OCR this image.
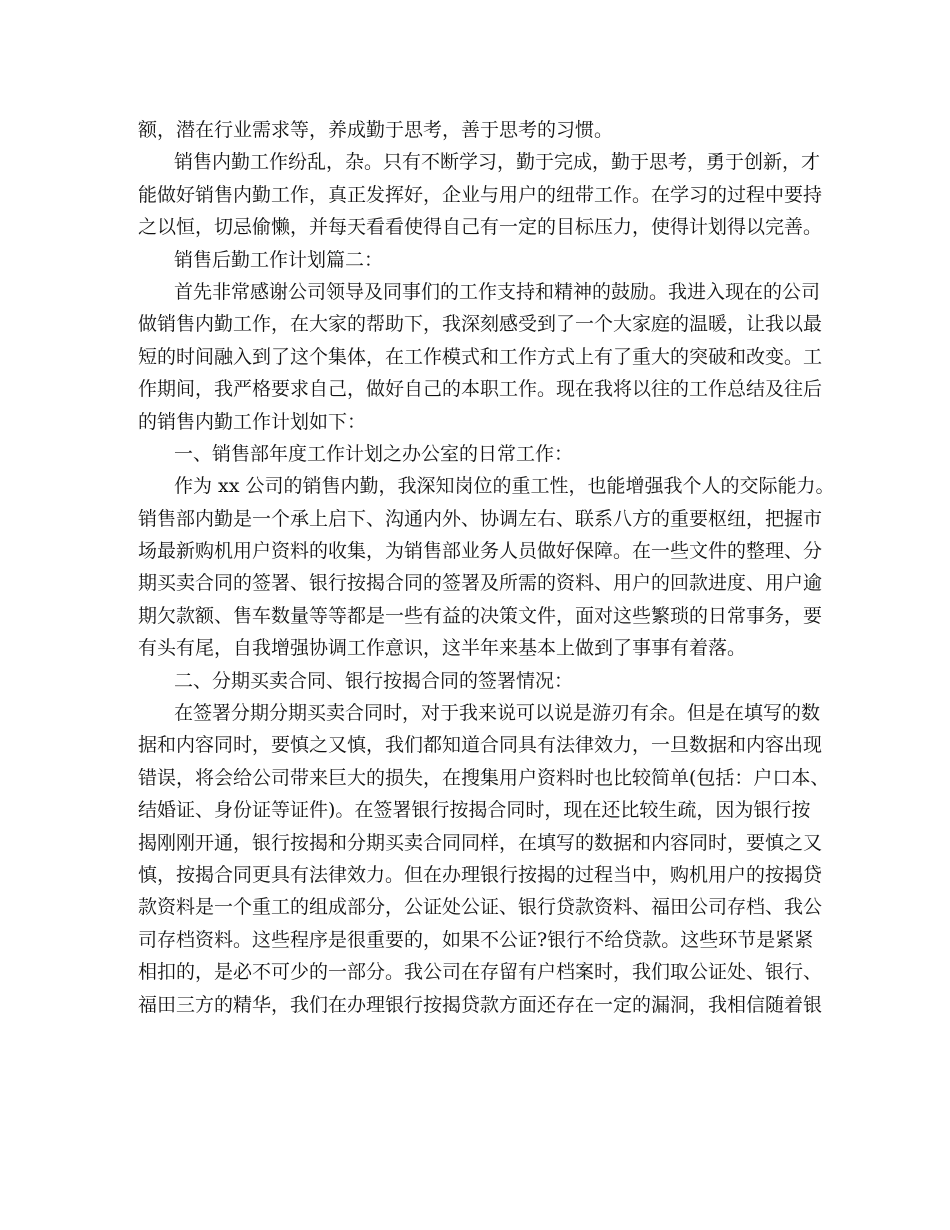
额，潜在行业需求等，养成勤于思考，善于思考的习惯。
销售内勤工作纷乱，杂。只有不断学习，勤于完成，勤于思考，勇于创新，才
能做好销售内勤工作，真正发挥好，企业与用户的纽带工作。在学习的过程中要持
之以恒，切忌偷懒，并每天看看使得自己有一定的目标压力，使得计划得以完善。
销售后勤工作计划篇二：
首先非常感谢公司领导及同事们的工作支持和精神的鼓励。我进入现在的公司
做销售内勤工作，在大家的帮助下，我深刻感受到了一个大家庭的温暖，让我以最
短的时间融入到了这个集体，在工作模式和工作方式上有了重大的突破和改变。工
作期间，我严格要求自己，做好自己的本职工作。现在我将以往的工作总结及往后
的销售内勤工作计划如下：
一、销售部年度工作计划之办公室的日常工作：
作为 xx 公司的销售内勤，我深知岗位的重工性，也能增强我个人的交际能力。
销售部内勤是一个承上启下、沟通内外、协调左右、联系八方的重要枢纽，把握市
场最新购机用户资料的收集，为销售部业务人员做好保障。在一些文件的整理、分
期买卖合同的签署、银行按揭合同的签署及所需的资料、用户的回款进度、用户逾
期欠款额、售车数量等等都是一些有益的决策文件，面对这些繁琐的日常事务，要
有头有尾，自我增强协调工作意识，这半年来基本上做到了事事有着落。
二、分期买卖合同、银行按揭合同的签署情况：
在签署分期分期买卖合同时，对于我来说可以说是游刃有余。但是在填写的数
据和内容同时，要慎之又慎，我们都知道合同具有法律效力，一旦数据和内容出现
错误，将会给公司带来巨大的损失，在搜集用户资料时也比较简单(包括：户口本、
结婚证、身份证等证件)。在签署银行按揭合同时，现在还比较生疏，因为银行按
揭刚刚开通，银行按揭和分期买卖合同同样，在填写的数据和内容同时，要慎之又
慎，按揭合同更具有法律效力。但在办理银行按揭的过程当中，购机用户的按揭贷
款资料是一个重工的组成部分，公证处公证、银行贷款资料、福田公司存档、我公
司存档资料。这些程序是很重要的，如果不公证?银行不给贷款。这些环节是紧紧
相扣的，是必不可少的一部分。我公司在存留有户档案时，我们取公证处、银行、
福田三方的精华，我们在办理银行按揭贷款方面还存在一定的漏洞，我相信随着银
